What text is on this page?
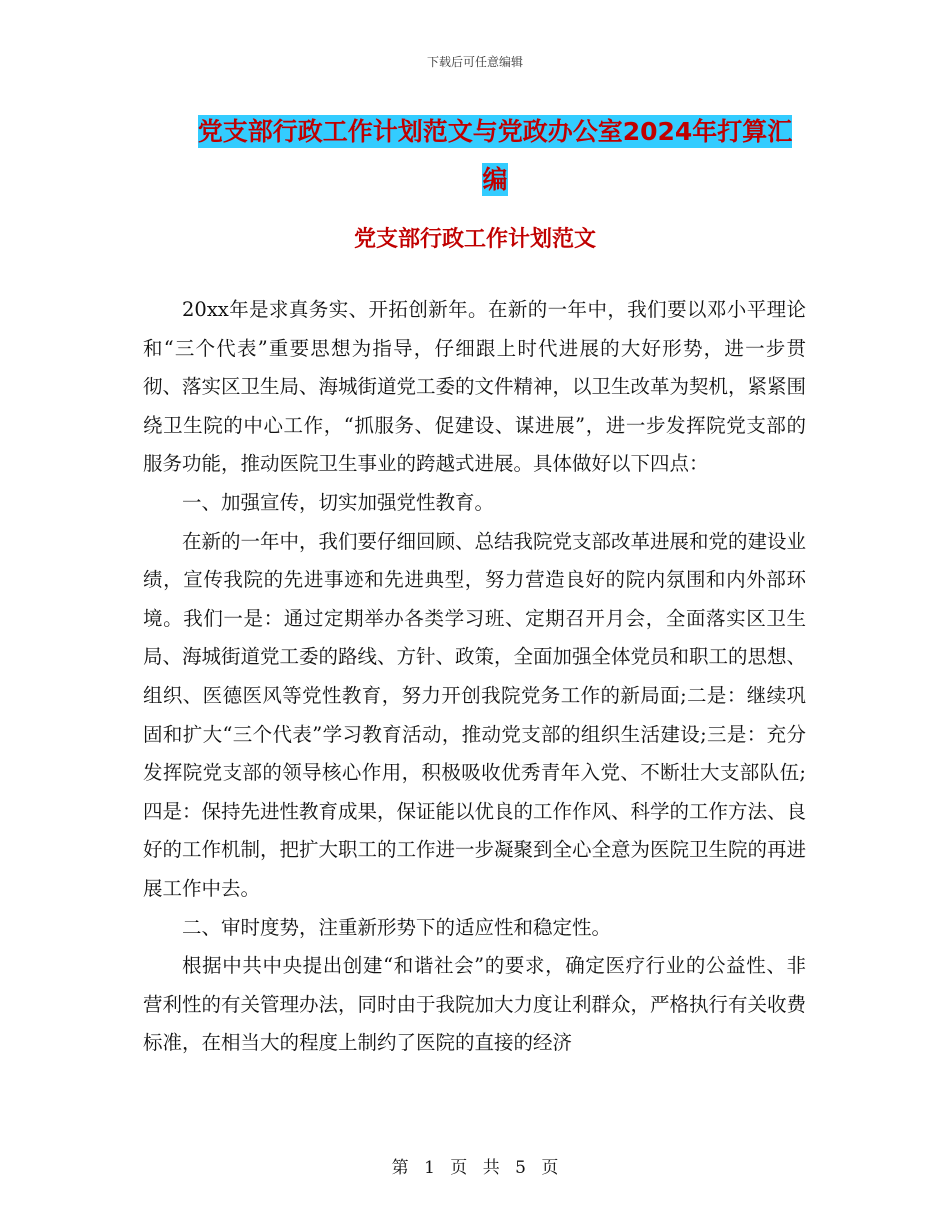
下载后可任意编辑
党支部行政工作计划范文与党政办公室2024年打算汇
编
党支部行政工作计划范文

20xx年是求真务实、开拓创新年。在新的一年中，我们要以邓小平理论和“三个代表”重要思想为指导，仔细跟上时代进展的大好形势，进一步贯彻、落实区卫生局、海城街道党工委的文件精神，以卫生改革为契机，紧紧围绕卫生院的中心工作，“抓服务、促建设、谋进展”，进一步发挥院党支部的服务功能，推动医院卫生事业的跨越式进展。具体做好以下四点：

一、加强宣传，切实加强党性教育。

在新的一年中，我们要仔细回顾、总结我院党支部改革进展和党的建设业绩，宣传我院的先进事迹和先进典型，努力营造良好的院内氛围和内外部环境。我们一是：通过定期举办各类学习班、定期召开月会，全面落实区卫生局、海城街道党工委的路线、方针、政策，全面加强全体党员和职工的思想、组织、医德医风等党性教育，努力开创我院党务工作的新局面;二是：继续巩固和扩大“三个代表”学习教育活动，推动党支部的组织生活建设;三是：充分发挥院党支部的领导核心作用，积极吸收优秀青年入党、不断壮大支部队伍;四是：保持先进性教育成果，保证能以优良的工作作风、科学的工作方法、良好的工作机制，把扩大职工的工作进一步凝聚到全心全意为医院卫生院的再进展工作中去。

二、审时度势，注重新形势下的适应性和稳定性。

根据中共中央提出创建“和谐社会”的要求，确定医疗行业的公益性、非营利性的有关管理办法，同时由于我院加大力度让利群众，严格执行有关收费标准，在相当大的程度上制约了医院的直接的经济

第 1 页 共 5 页
